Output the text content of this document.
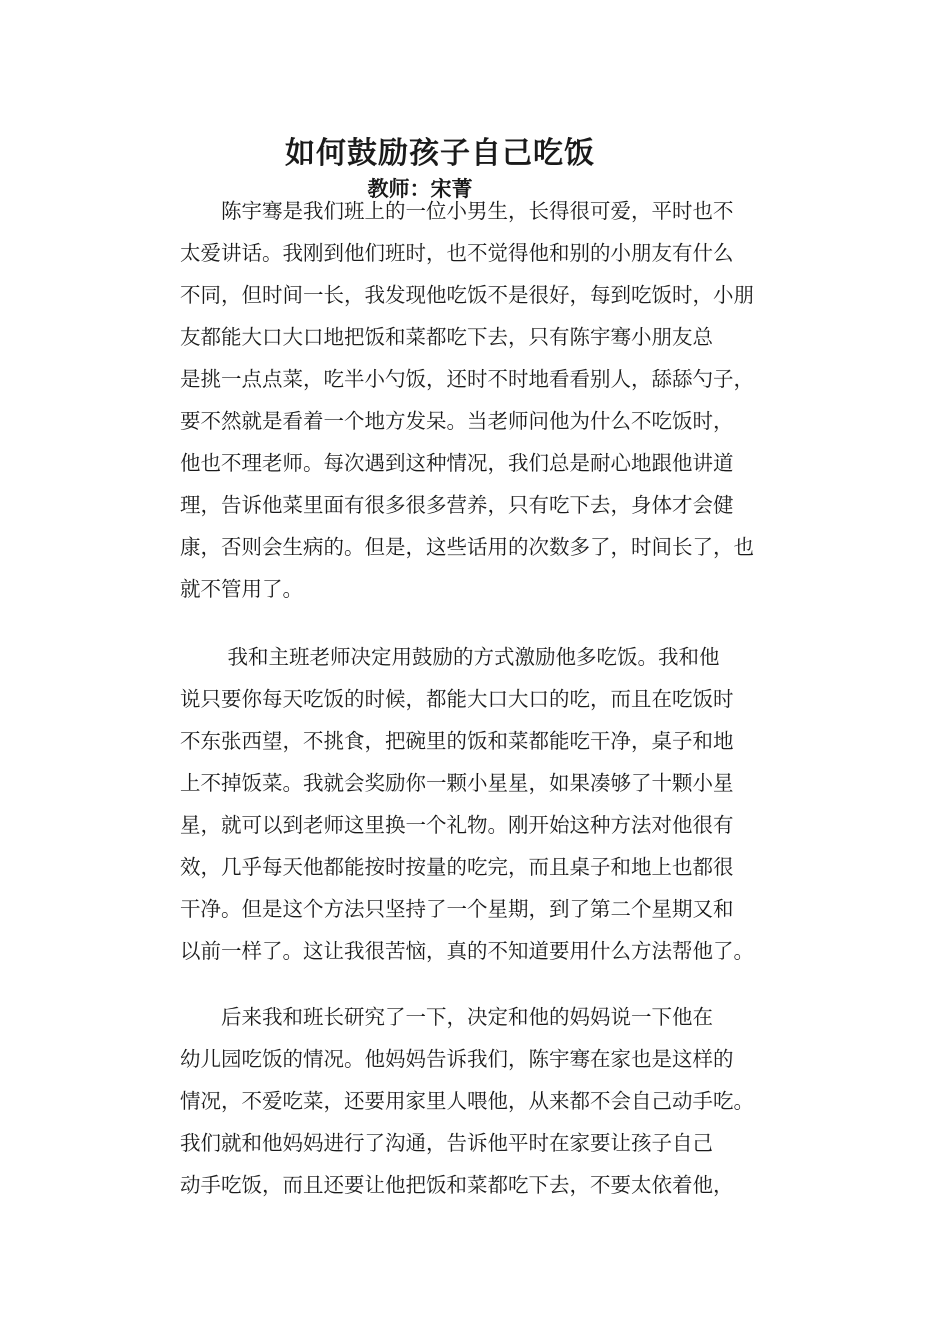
如何鼓励孩子自己吃饭
教师：宋菁
　　陈宇骞是我们班上的一位小男生，长得很可爱，平时也不
太爱讲话。我刚到他们班时，也不觉得他和别的小朋友有什么
不同，但时间一长，我发现他吃饭不是很好，每到吃饭时，小朋
友都能大口大口地把饭和菜都吃下去，只有陈宇骞小朋友总
是挑一点点菜，吃半小勺饭，还时不时地看看别人，舔舔勺子，
要不然就是看着一个地方发呆。当老师问他为什么不吃饭时，
他也不理老师。每次遇到这种情况，我们总是耐心地跟他讲道
理，告诉他菜里面有很多很多营养，只有吃下去，身体才会健
康，否则会生病的。但是，这些话用的次数多了，时间长了，也
就不管用了。
　　 我和主班老师决定用鼓励的方式激励他多吃饭。我和他
说只要你每天吃饭的时候，都能大口大口的吃，而且在吃饭时
不东张西望，不挑食，把碗里的饭和菜都能吃干净，桌子和地
上不掉饭菜。我就会奖励你一颗小星星，如果凑够了十颗小星
星，就可以到老师这里换一个礼物。刚开始这种方法对他很有
效，几乎每天他都能按时按量的吃完，而且桌子和地上也都很
干净。但是这个方法只坚持了一个星期，到了第二个星期又和
以前一样了。这让我很苦恼，真的不知道要用什么方法帮他了。
　　后来我和班长研究了一下，决定和他的妈妈说一下他在
幼儿园吃饭的情况。他妈妈告诉我们，陈宇骞在家也是这样的
情况，不爱吃菜，还要用家里人喂他，从来都不会自己动手吃。
我们就和他妈妈进行了沟通，告诉他平时在家要让孩子自己
动手吃饭，而且还要让他把饭和菜都吃下去，不要太依着他，
